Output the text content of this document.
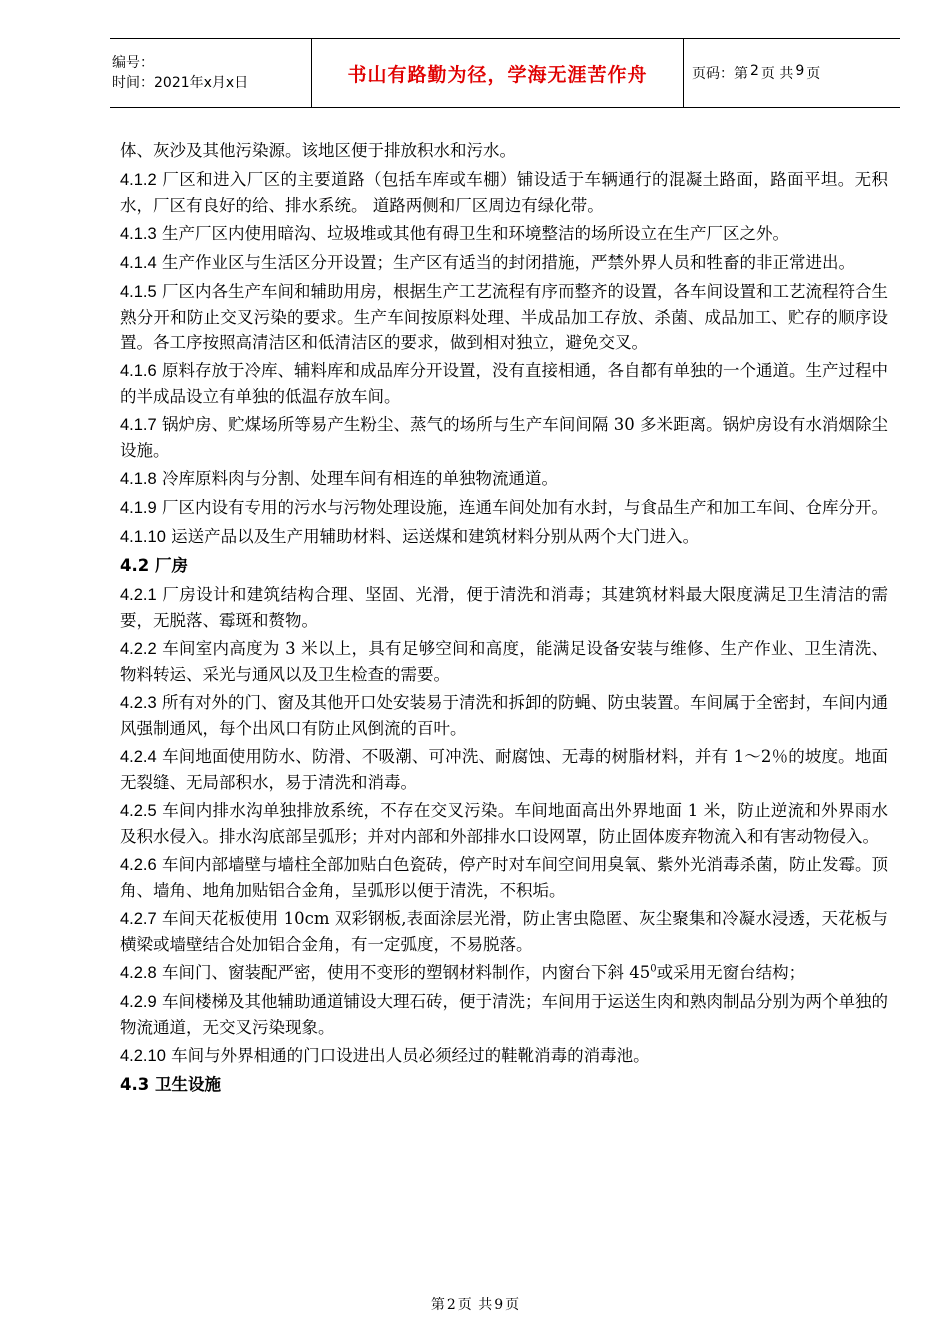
编号：
时间：2021年x月x日	书山有路勤为径，学海无涯苦作舟	页码：第 2 页 共 9 页

体、灰沙及其他污染源。该地区便于排放积水和污水。

4.1.2 厂区和进入厂区的主要道路（包括车库或车棚）铺设适于车辆通行的混凝土路面，路面平坦。无积水，厂区有良好的给、排水系统。 道路两侧和厂区周边有绿化带。

4.1.3 生产厂区内使用暗沟、垃圾堆或其他有碍卫生和环境整洁的场所设立在生产厂区之外。

4.1.4 生产作业区与生活区分开设置；生产区有适当的封闭措施，严禁外界人员和牲畜的非正常进出。

4.1.5 厂区内各生产车间和辅助用房，根据生产工艺流程有序而整齐的设置，各车间设置和工艺流程符合生熟分开和防止交叉污染的要求。生产车间按原料处理、半成品加工存放、杀菌、成品加工、贮存的顺序设置。各工序按照高清洁区和低清洁区的要求，做到相对独立，避免交叉。

4.1.6 原料存放于冷库、辅料库和成品库分开设置，没有直接相通，各自都有单独的一个通道。生产过程中的半成品设立有单独的低温存放车间。

4.1.7 锅炉房、贮煤场所等易产生粉尘、蒸气的场所与生产车间间隔 30 多米距离。锅炉房设有水消烟除尘设施。

4.1.8 冷库原料肉与分割、处理车间有相连的单独物流通道。

4.1.9 厂区内设有专用的污水与污物处理设施，连通车间处加有水封，与食品生产和加工车间、仓库分开。

4.1.10 运送产品以及生产用辅助材料、运送煤和建筑材料分别从两个大门进入。

4.2 厂房

4.2.1 厂房设计和建筑结构合理、坚固、光滑，便于清洗和消毒；其建筑材料最大限度满足卫生清洁的需要，无脱落、霉斑和赘物。

4.2.2 车间室内高度为 3 米以上，具有足够空间和高度，能满足设备安装与维修、生产作业、卫生清洗、物料转运、采光与通风以及卫生检查的需要。

4.2.3 所有对外的门、窗及其他开口处安装易于清洗和拆卸的防蝇、防虫装置。车间属于全密封，车间内通风强制通风，每个出风口有防止风倒流的百叶。

4.2.4 车间地面使用防水、防滑、不吸潮、可冲洗、耐腐蚀、无毒的树脂材料，并有 1～2％的坡度。地面无裂缝、无局部积水，易于清洗和消毒。

4.2.5 车间内排水沟单独排放系统，不存在交叉污染。车间地面高出外界地面 1 米，防止逆流和外界雨水及积水侵入。排水沟底部呈弧形；并对内部和外部排水口设网罩，防止固体废弃物流入和有害动物侵入。

4.2.6 车间内部墙壁与墙柱全部加贴白色瓷砖，停产时对车间空间用臭氧、紫外光消毒杀菌，防止发霉。顶角、墙角、地角加贴铝合金角，呈弧形以便于清洗，不积垢。

4.2.7 车间天花板使用 10cm 双彩钢板,表面涂层光滑，防止害虫隐匿、灰尘聚集和冷凝水浸透，天花板与横梁或墙壁结合处加铝合金角，有一定弧度，不易脱落。

4.2.8 车间门、窗装配严密，使用不变形的塑钢材料制作，内窗台下斜 $45^0$或采用无窗台结构；

4.2.9 车间楼梯及其他辅助通道铺设大理石砖，便于清洗；车间用于运送生肉和熟肉制品分别为两个单独的物流通道，无交叉污染现象。

4.2.10 车间与外界相通的门口设进出人员必须经过的鞋靴消毒的消毒池。

4.3 卫生设施
第 2 页 共 9 页
